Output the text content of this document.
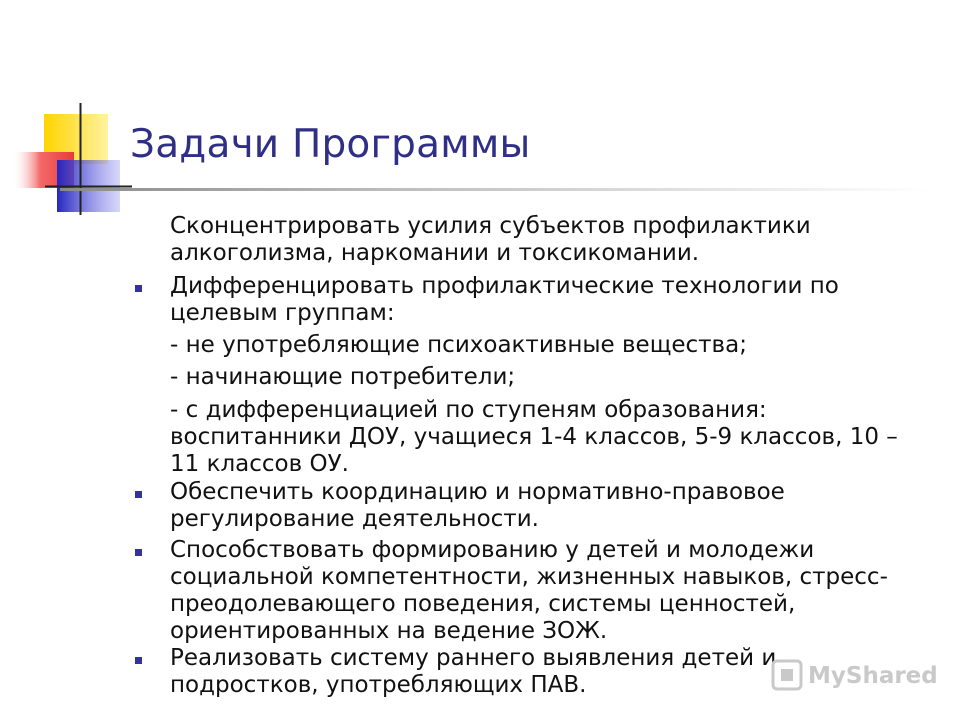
Задачи Программы
Сконцентрировать усилия субъектов профилактики
алкоголизма, наркомании и токсикомании.
Дифференцировать профилактические технологии по
целевым группам:
- не употребляющие психоактивные вещества;
- начинающие потребители;
- с дифференциацией по ступеням образования:
воспитанники ДОУ, учащиеся 1-4 классов, 5-9 классов, 10 –
11 классов ОУ.
Обеспечить координацию и нормативно-правовое
регулирование деятельности.
Способствовать формированию у детей и молодежи
социальной компетентности, жизненных навыков, стресс-
преодолевающего поведения, системы ценностей,
ориентированных на ведение ЗОЖ.
Реализовать систему раннего выявления детей и
подростков, употребляющих ПАВ.	MyShared
